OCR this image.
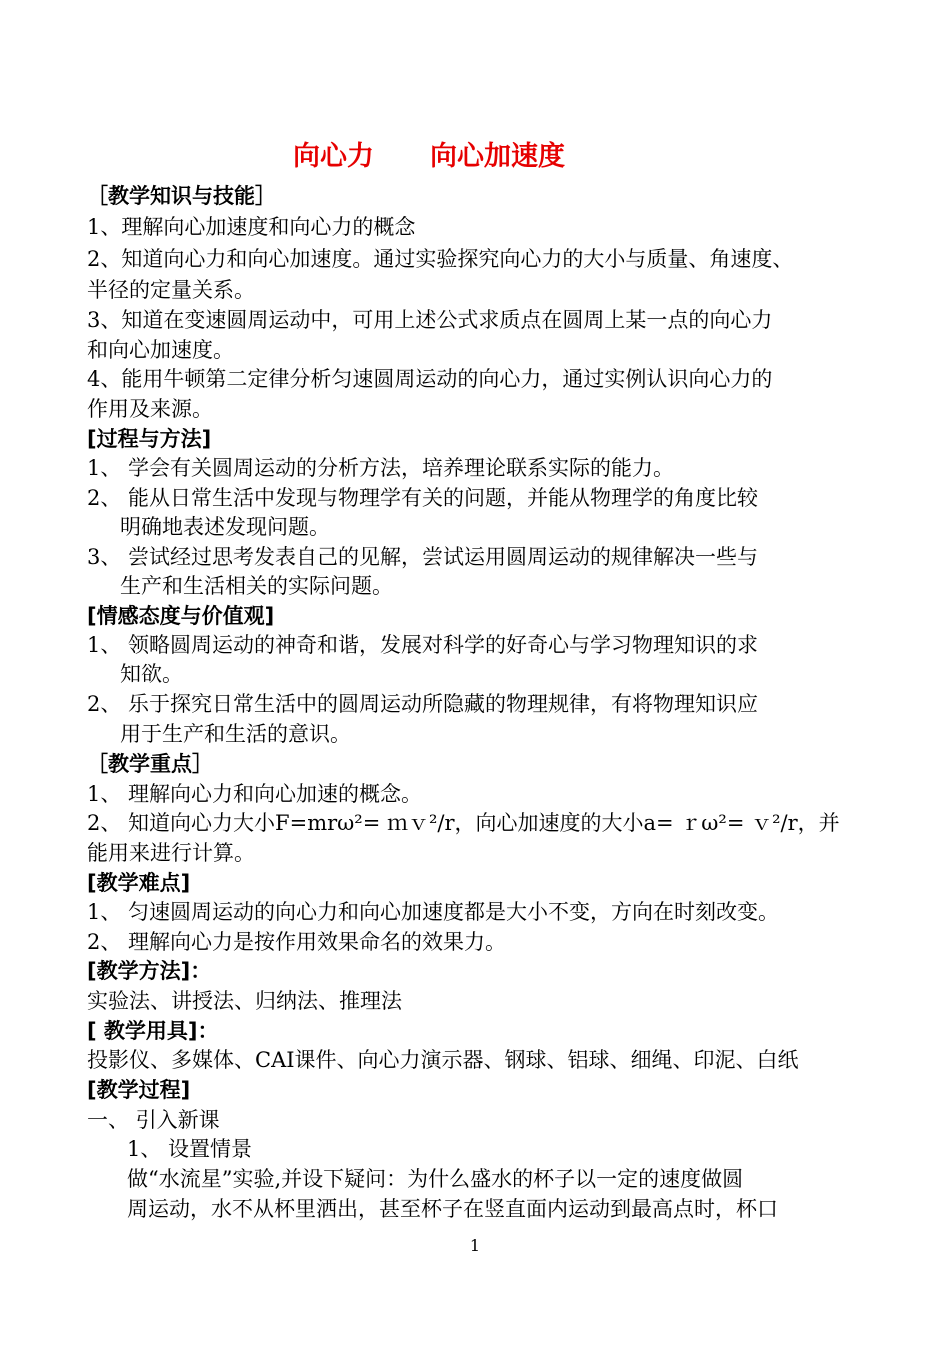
向心力 向心加速度
［教学知识与技能］
1、理解向心加速度和向心力的概念
2、知道向心力和向心加速度。通过实验探究向心力的大小与质量、角速度、
半径的定量关系。
3、知道在变速圆周运动中，可用上述公式求质点在圆周上某一点的向心力
和向心加速度。
4、能用牛顿第二定律分析匀速圆周运动的向心力，通过实例认识向心力的
作用及来源。
[过程与方法]
1、 学会有关圆周运动的分析方法，培养理论联系实际的能力。
2、 能从日常生活中发现与物理学有关的问题，并能从物理学的角度比较
明确地表述发现问题。
3、 尝试经过思考发表自己的见解，尝试运用圆周运动的规律解决一些与
生产和生活相关的实际问题。
[情感态度与价值观]
1、 领略圆周运动的神奇和谐，发展对科学的好奇心与学习物理知识的求
知欲。
2、 乐于探究日常生活中的圆周运动所隐藏的物理规律，有将物理知识应
用于生产和生活的意识。
［教学重点］
1、 理解向心力和向心加速的概念。
2、 知道向心力大小F=mrω²= ｍｖ²/r，向心加速度的大小a= ｒω²= ｖ²/r，并
能用来进行计算。
[教学难点]
1、 匀速圆周运动的向心力和向心加速度都是大小不变，方向在时刻改变。
2、 理解向心力是按作用效果命名的效果力。
[教学方法]：
实验法、讲授法、归纳法、推理法
[ 教学用具]：
投影仪、多媒体、CAI课件、向心力演示器、钢球、铝球、细绳、印泥、白纸
[教学过程]
一、 引入新课
1、 设置情景
做“水流星”实验,并设下疑问：为什么盛水的杯子以一定的速度做圆
周运动，水不从杯里洒出，甚至杯子在竖直面内运动到最高点时，杯口
1
